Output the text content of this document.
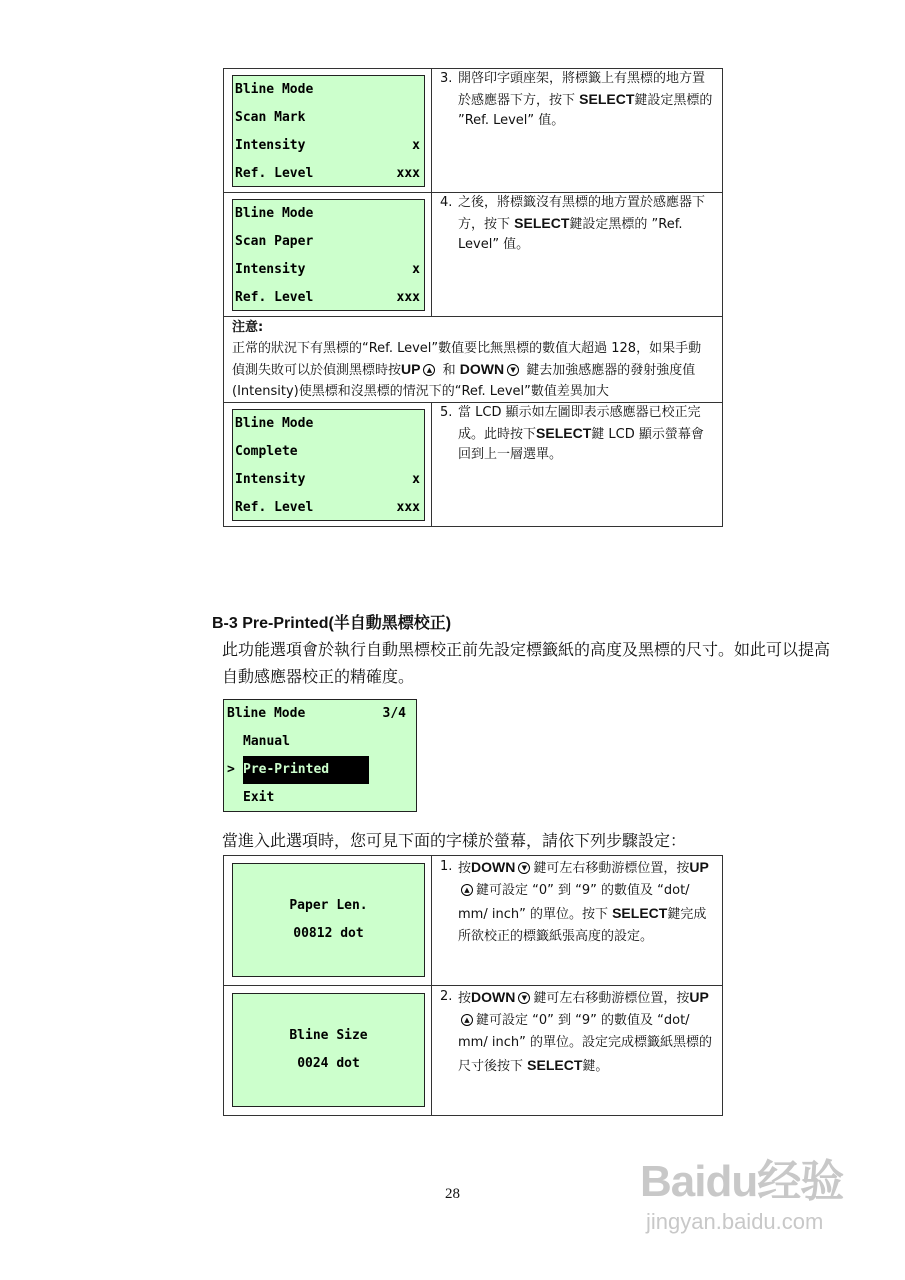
Bline Mode
Scan Mark
Intensity	x
Ref. Level	xxx
3. 開啓印字頭座架，將標籤上有黑標的地方置於感應器下方，按下 SELECT鍵設定黑標的 ”Ref. Level” 值。
Bline Mode
Scan Paper
Intensity	x
Ref. Level	xxx
4. 之後，將標籤沒有黑標的地方置於感應器下方，按下 SELECT鍵設定黑標的 ”Ref. Level” 值。
注意:
正常的狀況下有黑標的“Ref. Level”數值要比無黑標的數值大超過 128，如果手動偵測失敗可以於偵測黑標時按UP ▲ 和 DOWN ▼ 鍵去加強感應器的發射強度值(Intensity)使黑標和沒黑標的情況下的“Ref. Level”數值差異加大
Bline Mode
Complete
Intensity	x
Ref. Level	xxx
5. 當 LCD 顯示如左圖即表示感應器已校正完成。此時按下SELECT鍵 LCD 顯示螢幕會回到上一層選單。
B-3 Pre-Printed(半自動黑標校正)
此功能選項會於執行自動黑標校正前先設定標籤紙的高度及黑標的尺寸。如此可以提高自動感應器校正的精確度。
Bline Mode	3/4

Manual
> Pre-Printed

Exit
當進入此選項時，您可見下面的字樣於螢幕，請依下列步驟設定：
Paper Len.
00812 dot
1. 按DOWN ▼ 鍵可左右移動游標位置，按UP▲ 鍵可設定 “0” 到 “9” 的數值及 “dot/ mm/ inch” 的單位。按下 SELECT鍵完成所欲校正的標籤紙張高度的設定。
Bline Size
0024 dot
2. 按DOWN ▼ 鍵可左右移動游標位置，按UP▲ 鍵可設定 “0” 到 “9” 的數值及 “dot/ mm/ inch” 的單位。設定完成標籤紙黑標的尺寸後按下 SELECT鍵。
28	Baidu经验
jingyan.baidu.com
